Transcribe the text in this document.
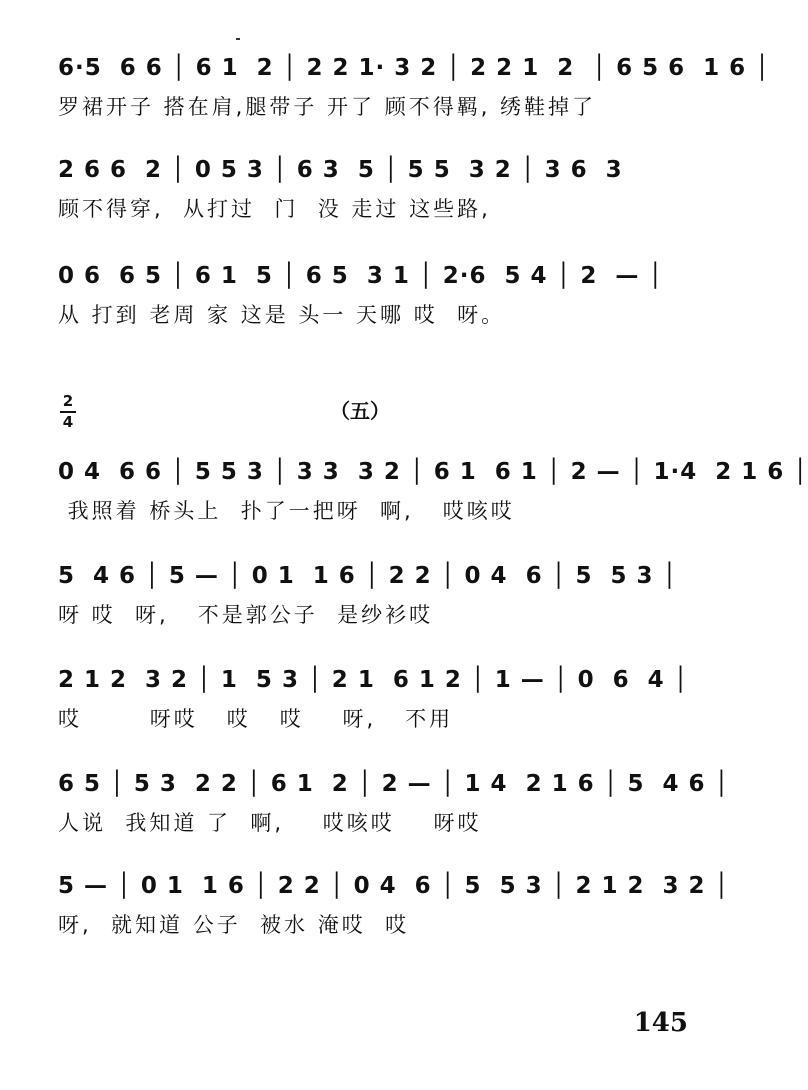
6·5  6 6 │ 6 1  2 │ 2 2 1· 3 2 │ 2 2 1  2  │ 6 5 6  1 6 │
罗裙开子 搭在肩,腿带子 开了 顾不得羁, 绣鞋掉了
2 6 6  2 │ 0 5 3 │ 6 3  5 │ 5 5  3 2 │ 3 6  3
顾不得穿,  从打过  门  没 走过 这些路,
0 6  6 5 │ 6 1  5 │ 6 5  3 1 │ 2·6  5 4 │ 2  — │
从 打到 老周 家 这是 头一 天哪 哎  呀。
2
4	（五）
0 4  6 6 │ 5 5 3 │ 3 3  3 2 │ 6 1  6 1 │ 2 — │ 1·4  2 1 6 │
我照着 桥头上  扑了一把呀  啊,   哎咳哎
5  4 6 │ 5 — │ 0 1  1 6 │ 2 2 │ 0 4  6 │ 5  5 3 │
呀 哎  呀,   不是郭公子  是纱衫哎
2 1 2  3 2 │ 1  5 3 │ 2 1  6 1 2 │ 1 — │ 0  6  4 │
哎       呀哎   哎   哎    呀,   不用
6 5 │ 5 3  2 2 │ 6 1  2 │ 2 — │ 1 4  2 1 6 │ 5  4 6 │
人说  我知道 了  啊,    哎咳哎    呀哎
5 — │ 0 1  1 6 │ 2 2 │ 0 4  6 │ 5  5 3 │ 2 1 2  3 2 │
呀,  就知道 公子  被水 淹哎  哎
145
